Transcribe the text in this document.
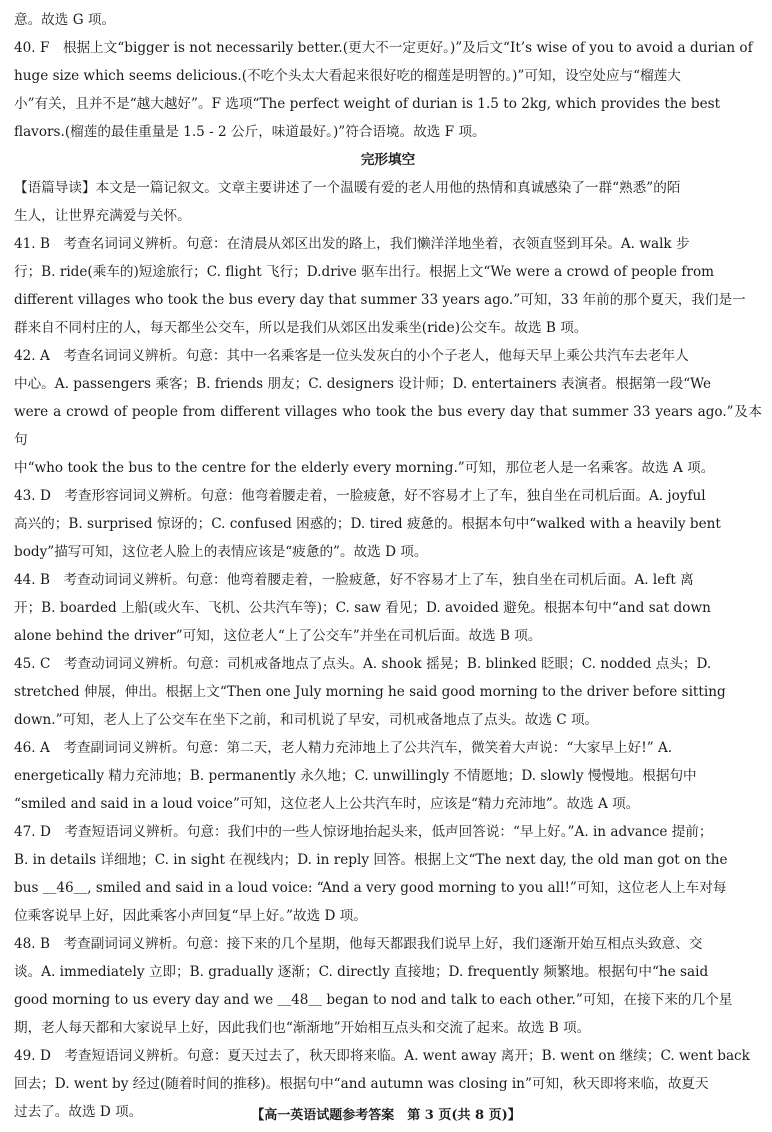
意。故选 G 项。

40. F　根据上文“bigger is not necessarily better.(更大不一定更好。)”及后文“It’s wise of you to avoid a durian of

huge size which seems delicious.(不吃个头太大看起来很好吃的榴莲是明智的。)”可知，设空处应与“榴莲大

小”有关，且并不是“越大越好”。F 选项“The perfect weight of durian is 1.5 to 2kg, which provides the best

flavors.(榴莲的最佳重量是 1.5 - 2 公斤，味道最好。)”符合语境。故选 F 项。

完形填空

【语篇导读】本文是一篇记叙文。文章主要讲述了一个温暖有爱的老人用他的热情和真诚感染了一群“熟悉”的陌

生人，让世界充满爱与关怀。

41. B　考查名词词义辨析。句意：在清晨从郊区出发的路上，我们懒洋洋地坐着，衣领直竖到耳朵。A. walk 步

行；B. ride(乘车的)短途旅行；C. flight 飞行；D.drive 驱车出行。根据上文“We were a crowd of people from

different villages who took the bus every day that summer 33 years ago.”可知，33 年前的那个夏天，我们是一

群来自不同村庄的人，每天都坐公交车，所以是我们从郊区出发乘坐(ride)公交车。故选 B 项。

42. A　考查名词词义辨析。句意：其中一名乘客是一位头发灰白的小个子老人，他每天早上乘公共汽车去老年人

中心。A. passengers 乘客；B. friends 朋友；C. designers 设计师；D. entertainers 表演者。根据第一段“We

were a crowd of people from different villages who took the bus every day that summer 33 years ago.”及本句

中“who took the bus to the centre for the elderly every morning.”可知，那位老人是一名乘客。故选 A 项。

43. D　考查形容词词义辨析。句意：他弯着腰走着，一脸疲惫，好不容易才上了车，独自坐在司机后面。A. joyful

高兴的；B. surprised 惊讶的；C. confused 困惑的；D. tired 疲惫的。根据本句中“walked with a heavily bent

body”描写可知，这位老人脸上的表情应该是“疲惫的”。故选 D 项。

44. B　考查动词词义辨析。句意：他弯着腰走着，一脸疲惫，好不容易才上了车，独自坐在司机后面。A. left 离

开；B. boarded 上船(或火车、飞机、公共汽车等)；C. saw 看见；D. avoided 避免。根据本句中“and sat down

alone behind the driver”可知，这位老人“上了公交车”并坐在司机后面。故选 B 项。

45. C　考查动词词义辨析。句意：司机戒备地点了点头。A. shook 摇晃；B. blinked 眨眼；C. nodded 点头；D.

stretched 伸展，伸出。根据上文“Then one July morning he said good morning to the driver before sitting

down.”可知，老人上了公交车在坐下之前，和司机说了早安，司机戒备地点了点头。故选 C 项。

46. A　考查副词词义辨析。句意：第二天，老人精力充沛地上了公共汽车，微笑着大声说：“大家早上好!” A.

energetically 精力充沛地；B. permanently 永久地；C. unwillingly 不情愿地；D. slowly 慢慢地。根据句中

“smiled and said in a loud voice”可知，这位老人上公共汽车时，应该是“精力充沛地”。故选 A 项。

47. D　考查短语词义辨析。句意：我们中的一些人惊讶地抬起头来，低声回答说：“早上好。”A. in advance 提前；

B. in details 详细地；C. in sight 在视线内；D. in reply 回答。根据上文“The next day, the old man got on the

bus ＿46＿, smiled and said in a loud voice: “And a very good morning to you all!”可知，这位老人上车对每

位乘客说早上好，因此乘客小声回复“早上好。”故选 D 项。

48. B　考查副词词义辨析。句意：接下来的几个星期，他每天都跟我们说早上好，我们逐渐开始互相点头致意、交

谈。A. immediately 立即；B. gradually 逐渐；C. directly 直接地；D. frequently 频繁地。根据句中“he said

good morning to us every day and we ＿48＿ began to nod and talk to each other.”可知，在接下来的几个星

期，老人每天都和大家说早上好，因此我们也“渐渐地”开始相互点头和交流了起来。故选 B 项。

49. D　考查短语词义辨析。句意：夏天过去了，秋天即将来临。A. went away 离开；B. went on 继续；C. went back

回去；D. went by 经过(随着时间的推移)。根据句中“and autumn was closing in”可知，秋天即将来临，故夏天

过去了。故选 D 项。	【高一英语试题参考答案　第 3 页(共 8 页)】
